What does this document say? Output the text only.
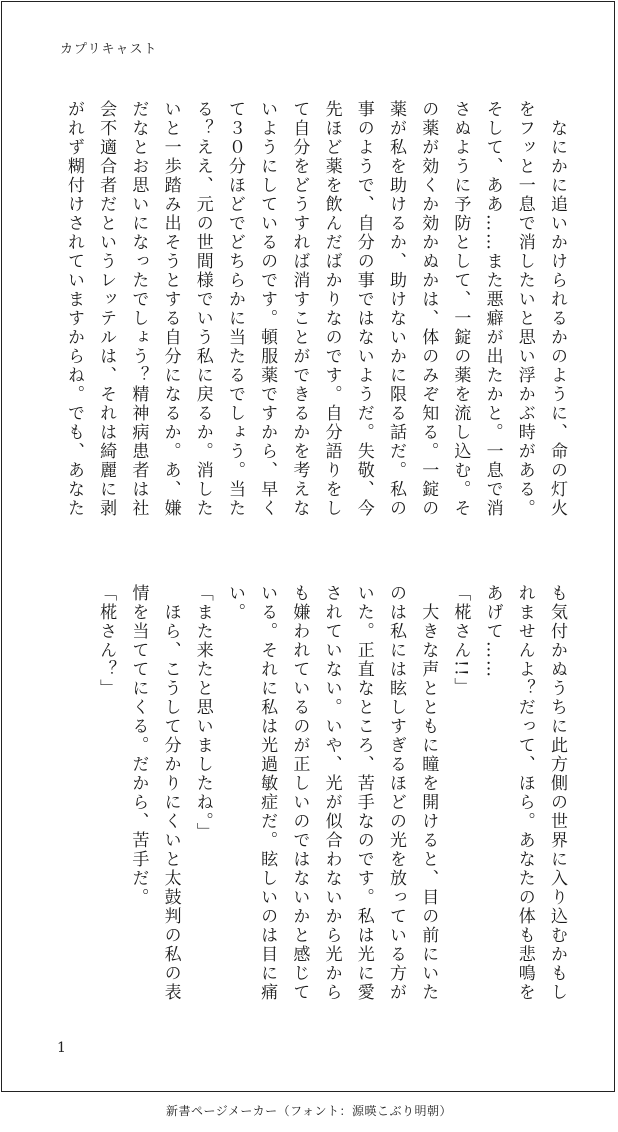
カプリキャスト
　なにかに追いかけられるかのように、命の灯火
をフッと一息で消したいと思い浮かぶ時がある。
そして、ああ……また悪癖が出たかと。一息で消
さぬように予防として、一錠の薬を流し込む。そ
の薬が効くか効かぬかは、体のみぞ知る。一錠の
薬が私を助けるか、助けないかに限る話だ。私の
事のようで、自分の事ではないようだ。失敬、今
先ほど薬を飲んだばかりなのです。自分語りをし
て自分をどうすれば消すことができるかを考えな
いようにしているのです。頓服薬ですから、早く
て３０分ほどでどちらかに当たるでしょう。当た
る？ええ、元の世間様でいう私に戻るか。消した
いと一歩踏み出そうとする自分になるか。あ、嫌
だなとお思いになったでしょう？精神病患者は社
会不適合者だというレッテルは、それは綺麗に剥
がれず糊付けされていますからね。でも、あなた
も気付かぬうちに此方側の世界に入り込むかもし
れませんよ？だって、ほら。あなたの体も悲鳴を
あげて……
「椛さん!!」
　大きな声とともに瞳を開けると、目の前にいた
のは私には眩しすぎるほどの光を放っている方が
いた。正直なところ、苦手なのです。私は光に愛
されていない。いや、光が似合わないから光から
も嫌われているのが正しいのではないかと感じて
いる。それに私は光過敏症だ。眩しいのは目に痛
い。
「また来たと思いましたね。」
　ほら、こうして分かりにくいと太鼓判の私の表
情を当ててにくる。だから、苦手だ。
「椛さん？」
1
新書ページメーカー（フォント：源暎こぶり明朝）
